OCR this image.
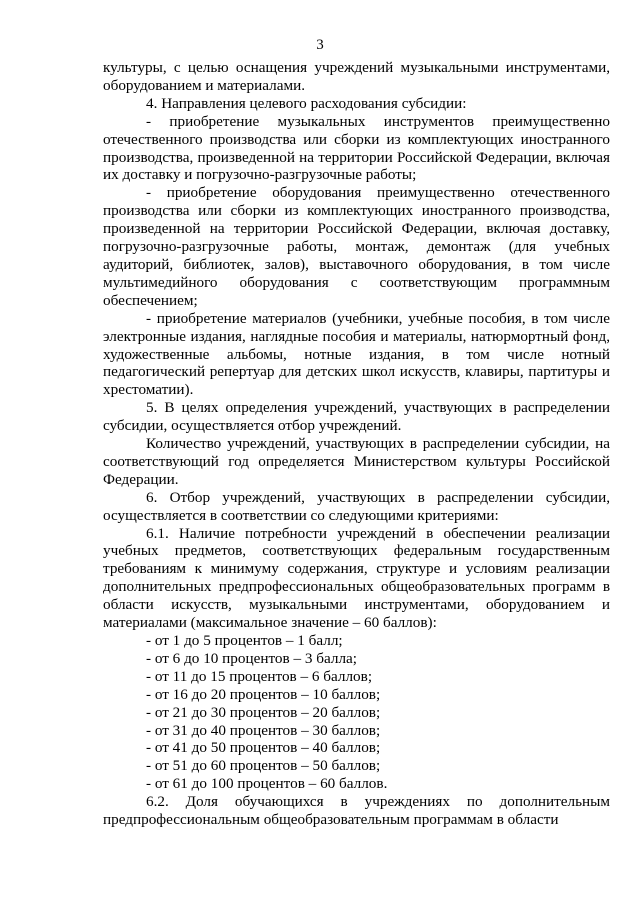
3

культуры, с целью оснащения учреждений музыкальными инструментами, оборудованием и материалами.

4. Направления целевого расходования субсидии:

- приобретение музыкальных инструментов преимущественно отечественного производства или сборки из комплектующих иностранного производства, произведенной на территории Российской Федерации, включая их доставку и погрузочно-разгрузочные работы;

- приобретение оборудования преимущественно отечественного производства или сборки из комплектующих иностранного производства, произведенной на территории Российской Федерации, включая доставку, погрузочно-разгрузочные работы, монтаж, демонтаж (для учебных аудиторий, библиотек, залов), выставочного оборудования, в том числе мультимедийного оборудования с соответствующим программным обеспечением;

- приобретение материалов (учебники, учебные пособия, в том числе электронные издания, наглядные пособия и материалы, натюрмортный фонд, художественные альбомы, нотные издания, в том числе нотный педагогический репертуар для детских школ искусств, клавиры, партитуры и хрестоматии).

5. В целях определения учреждений, участвующих в распределении субсидии, осуществляется отбор учреждений.

Количество учреждений, участвующих в распределении субсидии, на соответствующий год определяется Министерством культуры Российской Федерации.

6. Отбор учреждений, участвующих в распределении субсидии, осуществляется в соответствии со следующими критериями:

6.1. Наличие потребности учреждений в обеспечении реализации учебных предметов, соответствующих федеральным государственным требованиям к минимуму содержания, структуре и условиям реализации дополнительных предпрофессиональных общеобразовательных программ в области искусств, музыкальными инструментами, оборудованием и материалами (максимальное значение – 60 баллов):

- от 1 до 5 процентов – 1 балл;

- от 6 до 10 процентов – 3 балла;

- от 11 до 15 процентов – 6 баллов;

- от 16 до 20 процентов – 10 баллов;

- от 21 до 30 процентов – 20 баллов;

- от 31 до 40 процентов – 30 баллов;

- от 41 до 50 процентов – 40 баллов;

- от 51 до 60 процентов – 50 баллов;

- от 61 до 100 процентов – 60 баллов.

6.2. Доля обучающихся в учреждениях по дополнительным предпрофессиональным общеобразовательным программам в области
